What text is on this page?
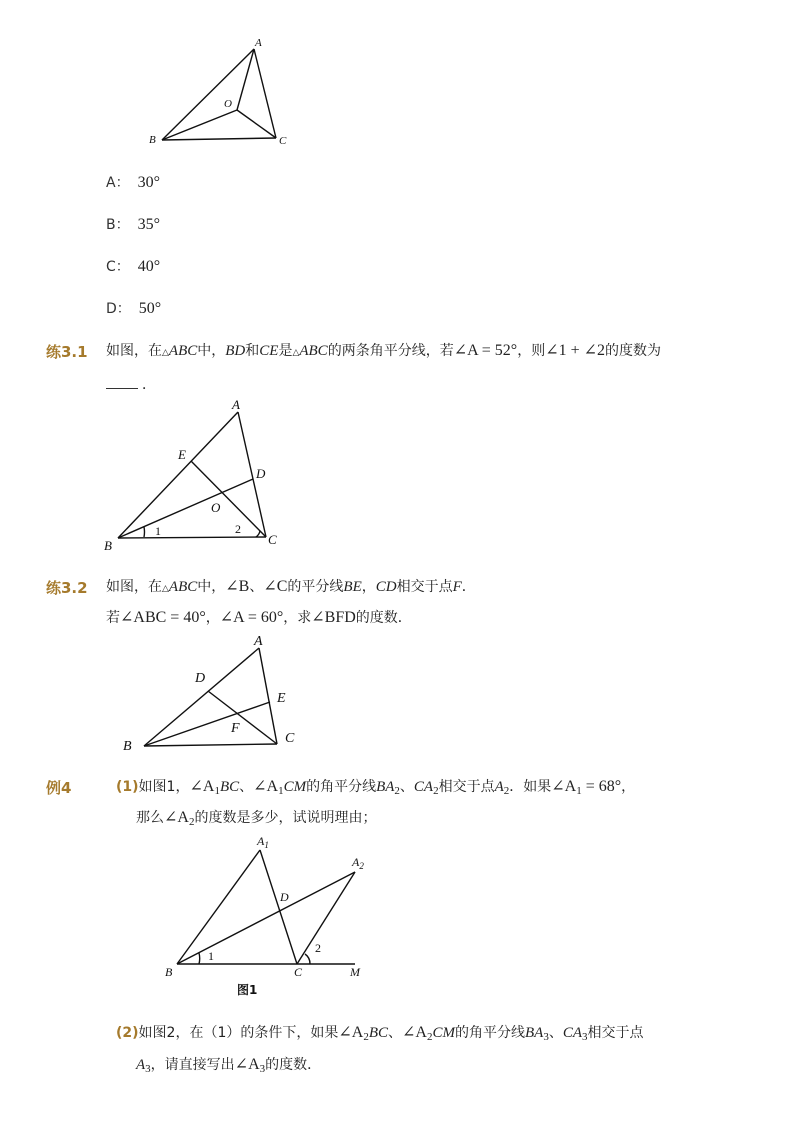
A
B	C
O
A： 30°
B： 35°
C： 40°
D： 50°
练3.1 如图，在△ABC中，BD和CE是△ABC的两条角平分线，若∠A = 52°，则∠1 + ∠2的度数为
．
A
B	C
D
E
O
1	2
练3.2 如图，在△ABC中，∠B、∠C的平分线BE，CD相交于点F．
若∠ABC = 40°，∠A = 60°，求∠BFD的度数．
A
B
C
D
E
F
例4	(1)如图1，$\angle A_1BC$、$\angle A_1CM$的角平分线$BA_2$、$CA_2$相交于点$A_2$．如果$\angle A_1 = 68^\circ$，
那么$\angle A_2$的度数是多少，试说明理由；
$A_1$
$A_2$
B	C
D
M
1
2
图1
(2)如图2，在（1）的条件下，如果$\angle A_2BC$、$\angle A_2CM$的角平分线$BA_3$、$CA_3$相交于点
$A_3$，请直接写出$\angle A_3$的度数．
